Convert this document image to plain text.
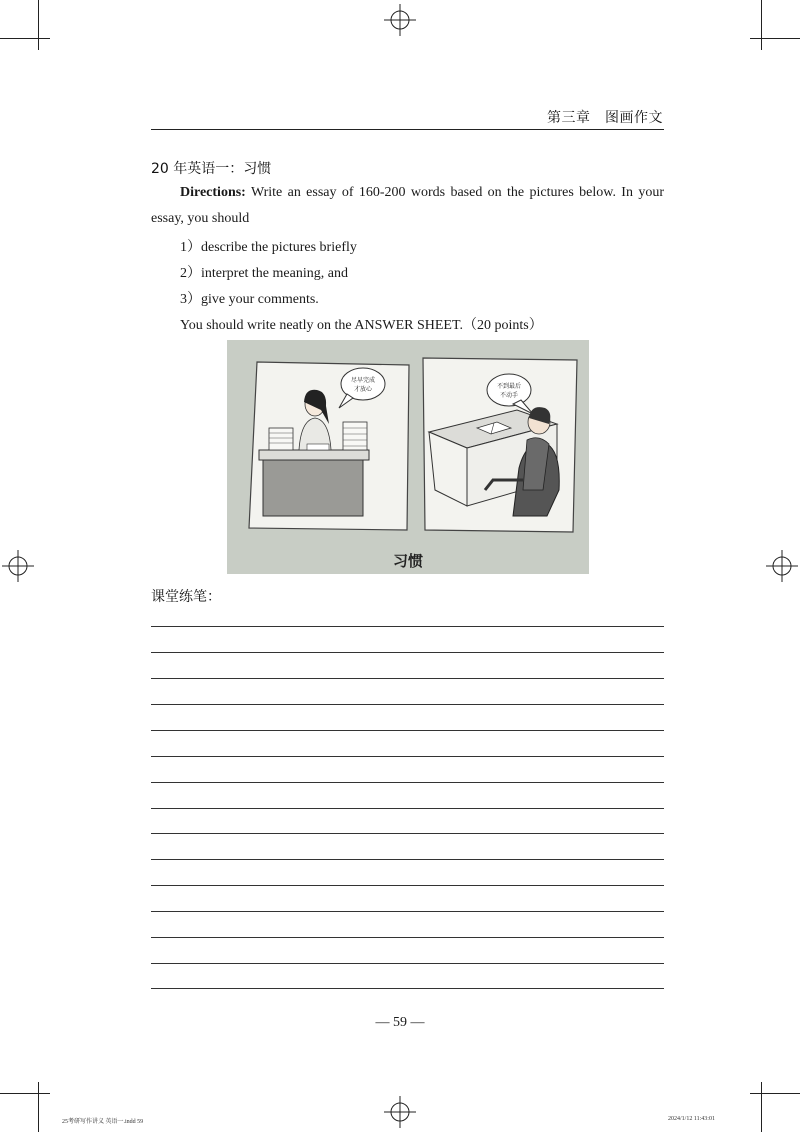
第三章　图画作文
20 年英语一：习惯
Directions: Write an essay of 160-200 words based on the pictures below. In your essay, you should
1）describe the pictures briefly
2）interpret the meaning, and
3）give your comments.
You should write neatly on the ANSWER SHEET.（20 points）
尽早完成
才放心	不到最后
不动手
习惯
课堂练笔：
— 59 —
25考研写作讲义 英语一.indd 59	2024/1/12 11:43:01
